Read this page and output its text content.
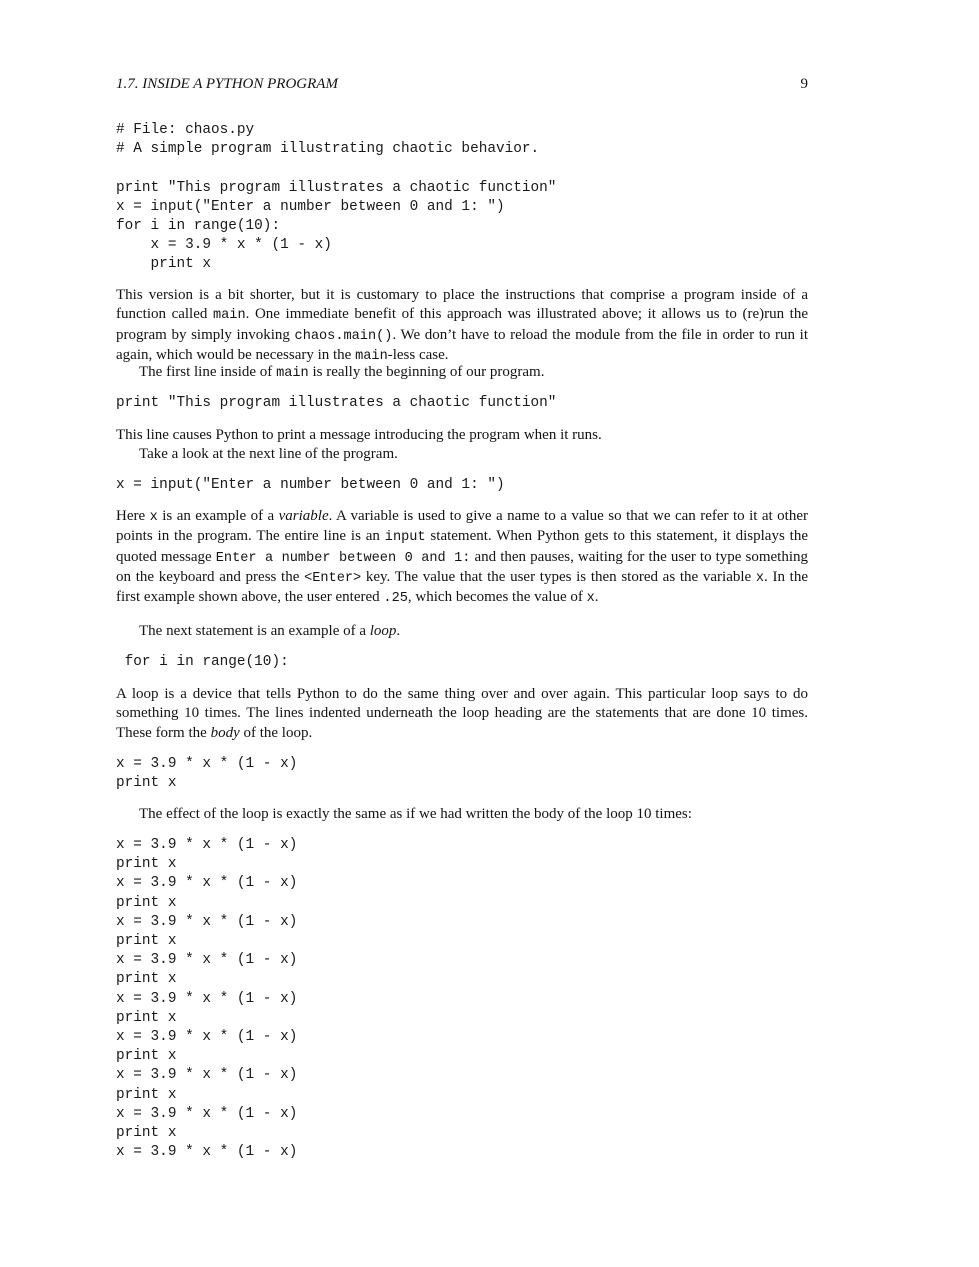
1.7. INSIDE A PYTHON PROGRAM	9
# File: chaos.py
# A simple program illustrating chaotic behavior.

print "This program illustrates a chaotic function"
x = input("Enter a number between 0 and 1: ")
for i in range(10):
x = 3.9 * x * (1 - x)
print x

This version is a bit shorter, but it is customary to place the instructions that comprise a program inside of a function called main. One immediate benefit of this approach was illustrated above; it allows us to (re)run the program by simply invoking chaos.main(). We don’t have to reload the module from the file in order to run it again, which would be necessary in the main-less case.

The first line inside of main is really the beginning of our program.

print "This program illustrates a chaotic function"

This line causes Python to print a message introducing the program when it runs.

Take a look at the next line of the program.

x = input("Enter a number between 0 and 1: ")

Here x is an example of a variable. A variable is used to give a name to a value so that we can refer to it at other points in the program. The entire line is an input statement. When Python gets to this statement, it displays the quoted message Enter a number between 0 and 1: and then pauses, waiting for the user to type something on the keyboard and press the <Enter> key. The value that the user types is then stored as the variable x. In the first example shown above, the user entered .25, which becomes the value of x.

The next statement is an example of a loop.

for i in range(10):

A loop is a device that tells Python to do the same thing over and over again. This particular loop says to do something 10 times. The lines indented underneath the loop heading are the statements that are done 10 times. These form the body of the loop.

x = 3.9 * x * (1 - x)
print x

The effect of the loop is exactly the same as if we had written the body of the loop 10 times:

x = 3.9 * x * (1 - x)
print x
x = 3.9 * x * (1 - x)
print x
x = 3.9 * x * (1 - x)
print x
x = 3.9 * x * (1 - x)
print x
x = 3.9 * x * (1 - x)
print x
x = 3.9 * x * (1 - x)
print x
x = 3.9 * x * (1 - x)
print x
x = 3.9 * x * (1 - x)
print x
x = 3.9 * x * (1 - x)
